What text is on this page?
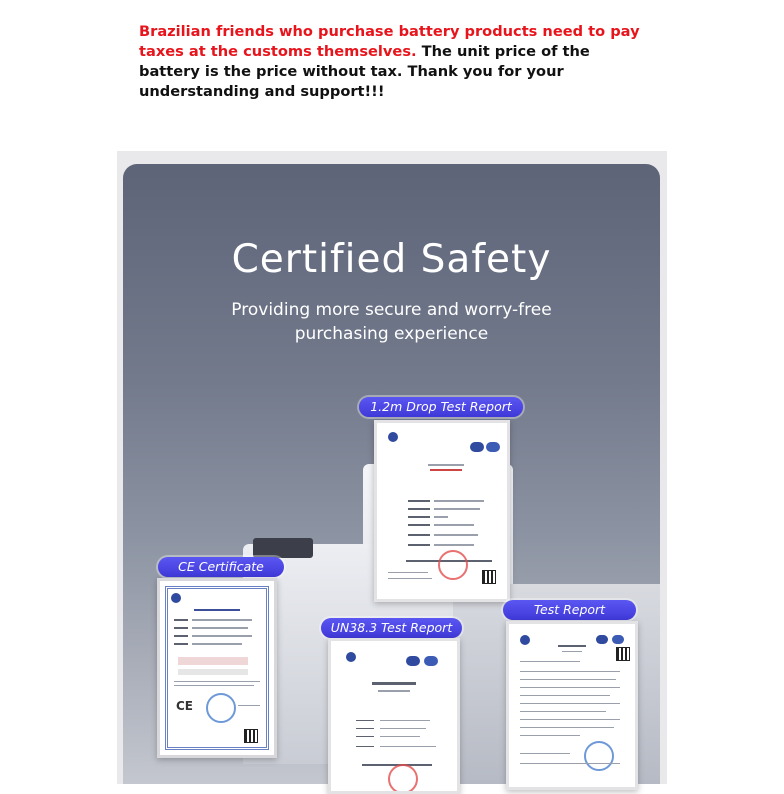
Brazilian friends who purchase battery products need to pay taxes at the customs themselves. The unit price of the battery is the price without tax. Thank you for your understanding and support!!!

Certified Safety

Providing more secure and worry-free purchasing experience

1.2m Drop Test Report
CE Certificate
CE
UN38.3 Test Report
Test Report
